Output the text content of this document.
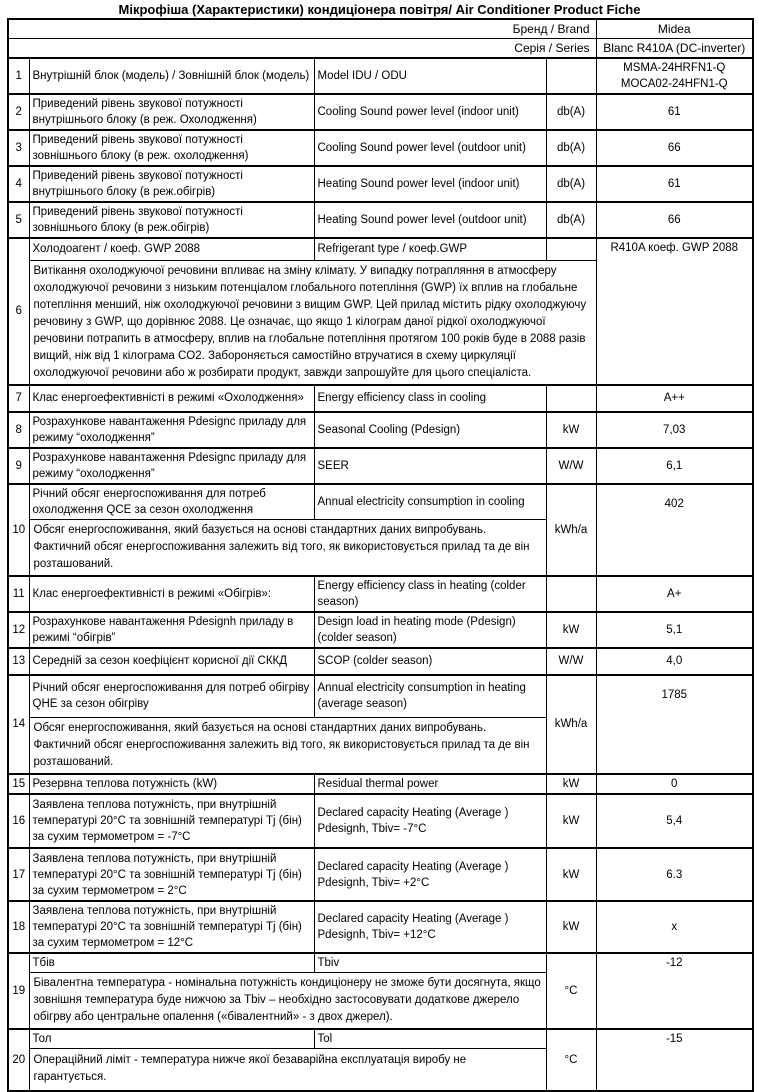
Мікрофіша (Характеристики) кондиціонера повітря/ Air Conditioner Product Fiche
Бренд / Brand				Midea
Серія / Series				Blanc R410A (DC-inverter)
1	Внутрішній блок (модель) / Зовнішній блок (модель)	Model IDU / ODU		MSMA-24HRFN1-Q
MOCA02-24HFN1-Q

2	Приведений рівень звукової потужності внутрішнього блоку (в реж. Охолодження)	Cooling Sound power level (indoor unit)	db(A)	61
3	Приведений рівень звукової потужності зовнішнього блоку (в реж. охолодження)	Cooling Sound power level (outdoor unit)	db(A)	66
4	Приведений рівень звукової потужності внутрішнього блоку (в реж.обігрів)	Heating Sound power level (indoor unit)	db(A)	61
5	Приведений рівень звукової потужності зовнішнього блоку (в реж.обігрів)	Heating Sound power level (outdoor unit)	db(A)	66
6	Холодоагент / коеф. GWP 2088	Refrigerant type / коеф.GWP		R410A коеф. GWP 2088
	Витікання охолоджуючої речовини впливає на зміну клімату. У випадку потрапляння в атмосферу охолоджуючої речовини з низьким потенціалом глобального потепління (GWP) їх вплив на глобальне потепління менший, ніж охолоджуючої речовини з вищим GWP. Цей прилад містить рідку охолоджуючу речовину з GWP, що дорівнює 2088. Це означає, що якщо 1 кілограм даної рідкої охолоджуючої речовини потрапить в атмосферу, вплив на глобальне потепління протягом 100 років буде в 2088 разів вищий, ніж від 1 кілограма CO2. Забороняється самостійно втручатися в схему циркуляції охолоджуючої речовини або ж розбирати продукт, завжди запрошуйте для цього спеціаліста.			
7	Клас енергоефективністі в режимі «Охолодження»	Energy efficiency class in cooling		A++
8	Розрахункове навантаження Pdesignc приладу для режиму “охолодження”	Seasonal Cooling (Pdesign)	kW	7,03
9	Розрахункове навантаження Pdesignc приладу для режиму “охолодження”	SEER	W/W	6,1
10	Річний обсяг енергоспоживання для потреб охолодження QCE за сезон охолодження	Annual electricity consumption in cooling	kWh/a	402
	Обсяг енергоспоживання, який базується на основі стандартних даних випробувань. Фактичний обсяг енергоспоживання залежить від того, як використовується прилад та де він розташований.			
11	Клас енергоефективністі в режимі «Обігрів»:	Energy efficiency class in heating (colder season)		A+
12	Розрахункове навантаження Pdesignh приладу в режимі “обігрів”	Design load in heating mode (Pdesign) (colder season)	kW	5,1
13	Середній за сезон коефіцієнт корисної дії СККД	SCOP (colder season)	W/W	4,0
14	Річний обсяг енергоспоживання для потреб обігріву QHE за сезон обігріву	Annual electricity consumption in heating (average season)	kWh/a	1785
	Обсяг енергоспоживання, який базується на основі стандартних даних випробувань. Фактичний обсяг енергоспоживання залежить від того, як використовується прилад та де він розташований.			
15	Резервна теплова потужність (kW)	Residual thermal power	kW	0
16	Заявлена теплова потужність, при внутрішній температурі 20°C та зовнішній температурі Tj (бін) за сухим термометром = -7°C	Declared capacity Heating (Average ) Pdesignh, Tbiv= -7°C	kW	5,4
17	Заявлена теплова потужність, при внутрішній температурі 20°C та зовнішній температурі Tj (бін) за сухим термометром = 2°C	Declared capacity Heating (Average ) Pdesignh, Tbiv= +2°C	kW	6.3
18	Заявлена теплова потужність, при внутрішній температурі 20°C та зовнішній температурі Tj (бін) за сухим термометром = 12°C	Declared capacity Heating (Average ) Pdesignh, Tbiv= +12°C	kW	x
19	Тбів	Tbiv	°C	-12
	Бівалентна температура - номінальна потужність кондиціонеру не зможе бути досягнута, якщо зовнішня температура буде нижчою за Tbiv – необхідно застосовувати додаткове джерело обігрву або центральне опалення («бівалентний» - з двох джерел).			
20	Тол	Tol	°C	-15
	Операційний ліміт - температура нижче якої безаварійна експлуатація виробу не гарантується.			
